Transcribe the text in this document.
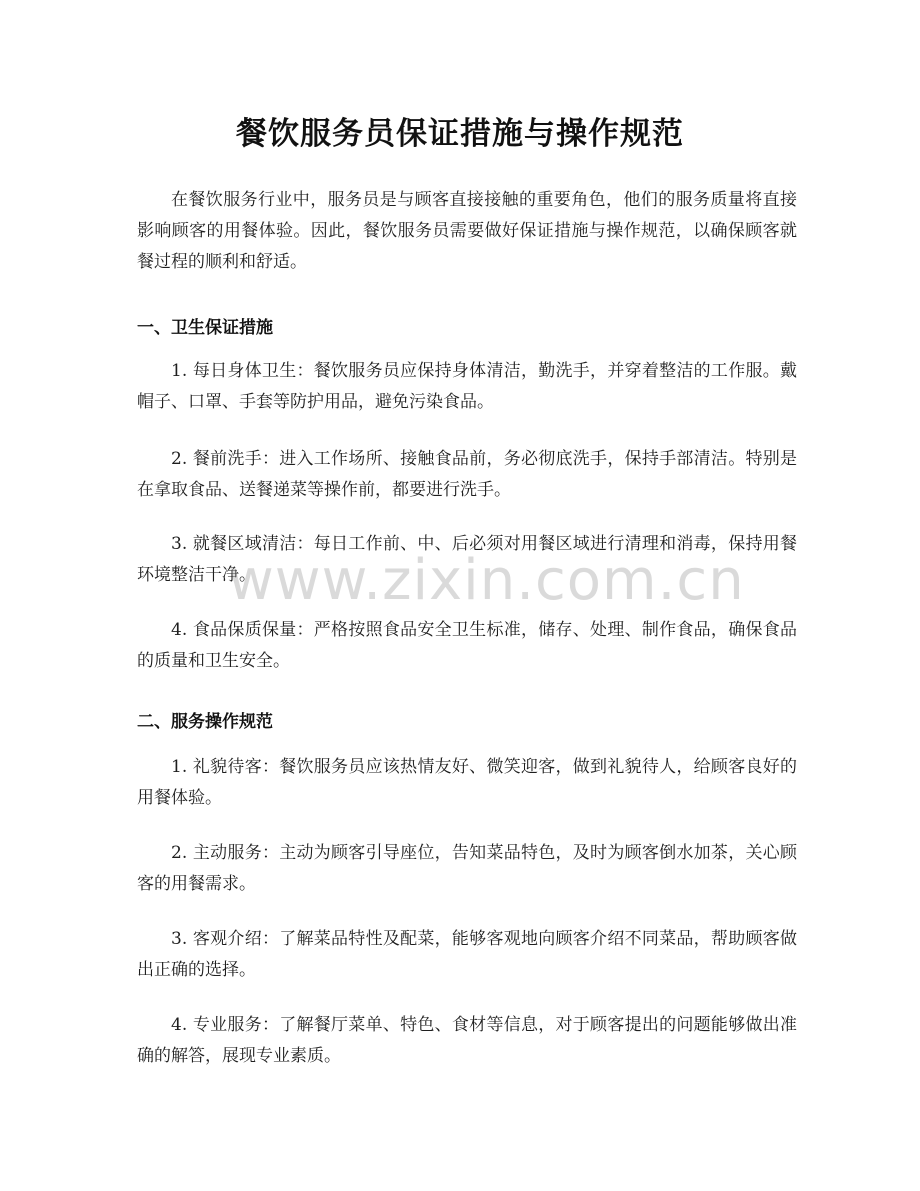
餐饮服务员保证措施与操作规范

在餐饮服务行业中，服务员是与顾客直接接触的重要角色，他们的服务质量将直接影响顾客的用餐体验。因此，餐饮服务员需要做好保证措施与操作规范，以确保顾客就餐过程的顺利和舒适。

一、卫生保证措施

1. 每日身体卫生：餐饮服务员应保持身体清洁，勤洗手，并穿着整洁的工作服。戴帽子、口罩、手套等防护用品，避免污染食品。

2. 餐前洗手：进入工作场所、接触食品前，务必彻底洗手，保持手部清洁。特别是在拿取食品、送餐递菜等操作前，都要进行洗手。

3. 就餐区域清洁：每日工作前、中、后必须对用餐区域进行清理和消毒，保持用餐环境整洁干净。

4. 食品保质保量：严格按照食品安全卫生标准，储存、处理、制作食品，确保食品的质量和卫生安全。

二、服务操作规范

1. 礼貌待客：餐饮服务员应该热情友好、微笑迎客，做到礼貌待人，给顾客良好的用餐体验。

2. 主动服务：主动为顾客引导座位，告知菜品特色，及时为顾客倒水加茶，关心顾客的用餐需求。

3. 客观介绍：了解菜品特性及配菜，能够客观地向顾客介绍不同菜品，帮助顾客做出正确的选择。

4. 专业服务：了解餐厅菜单、特色、食材等信息，对于顾客提出的问题能够做出准确的解答，展现专业素质。

www.zixin.com.cn
